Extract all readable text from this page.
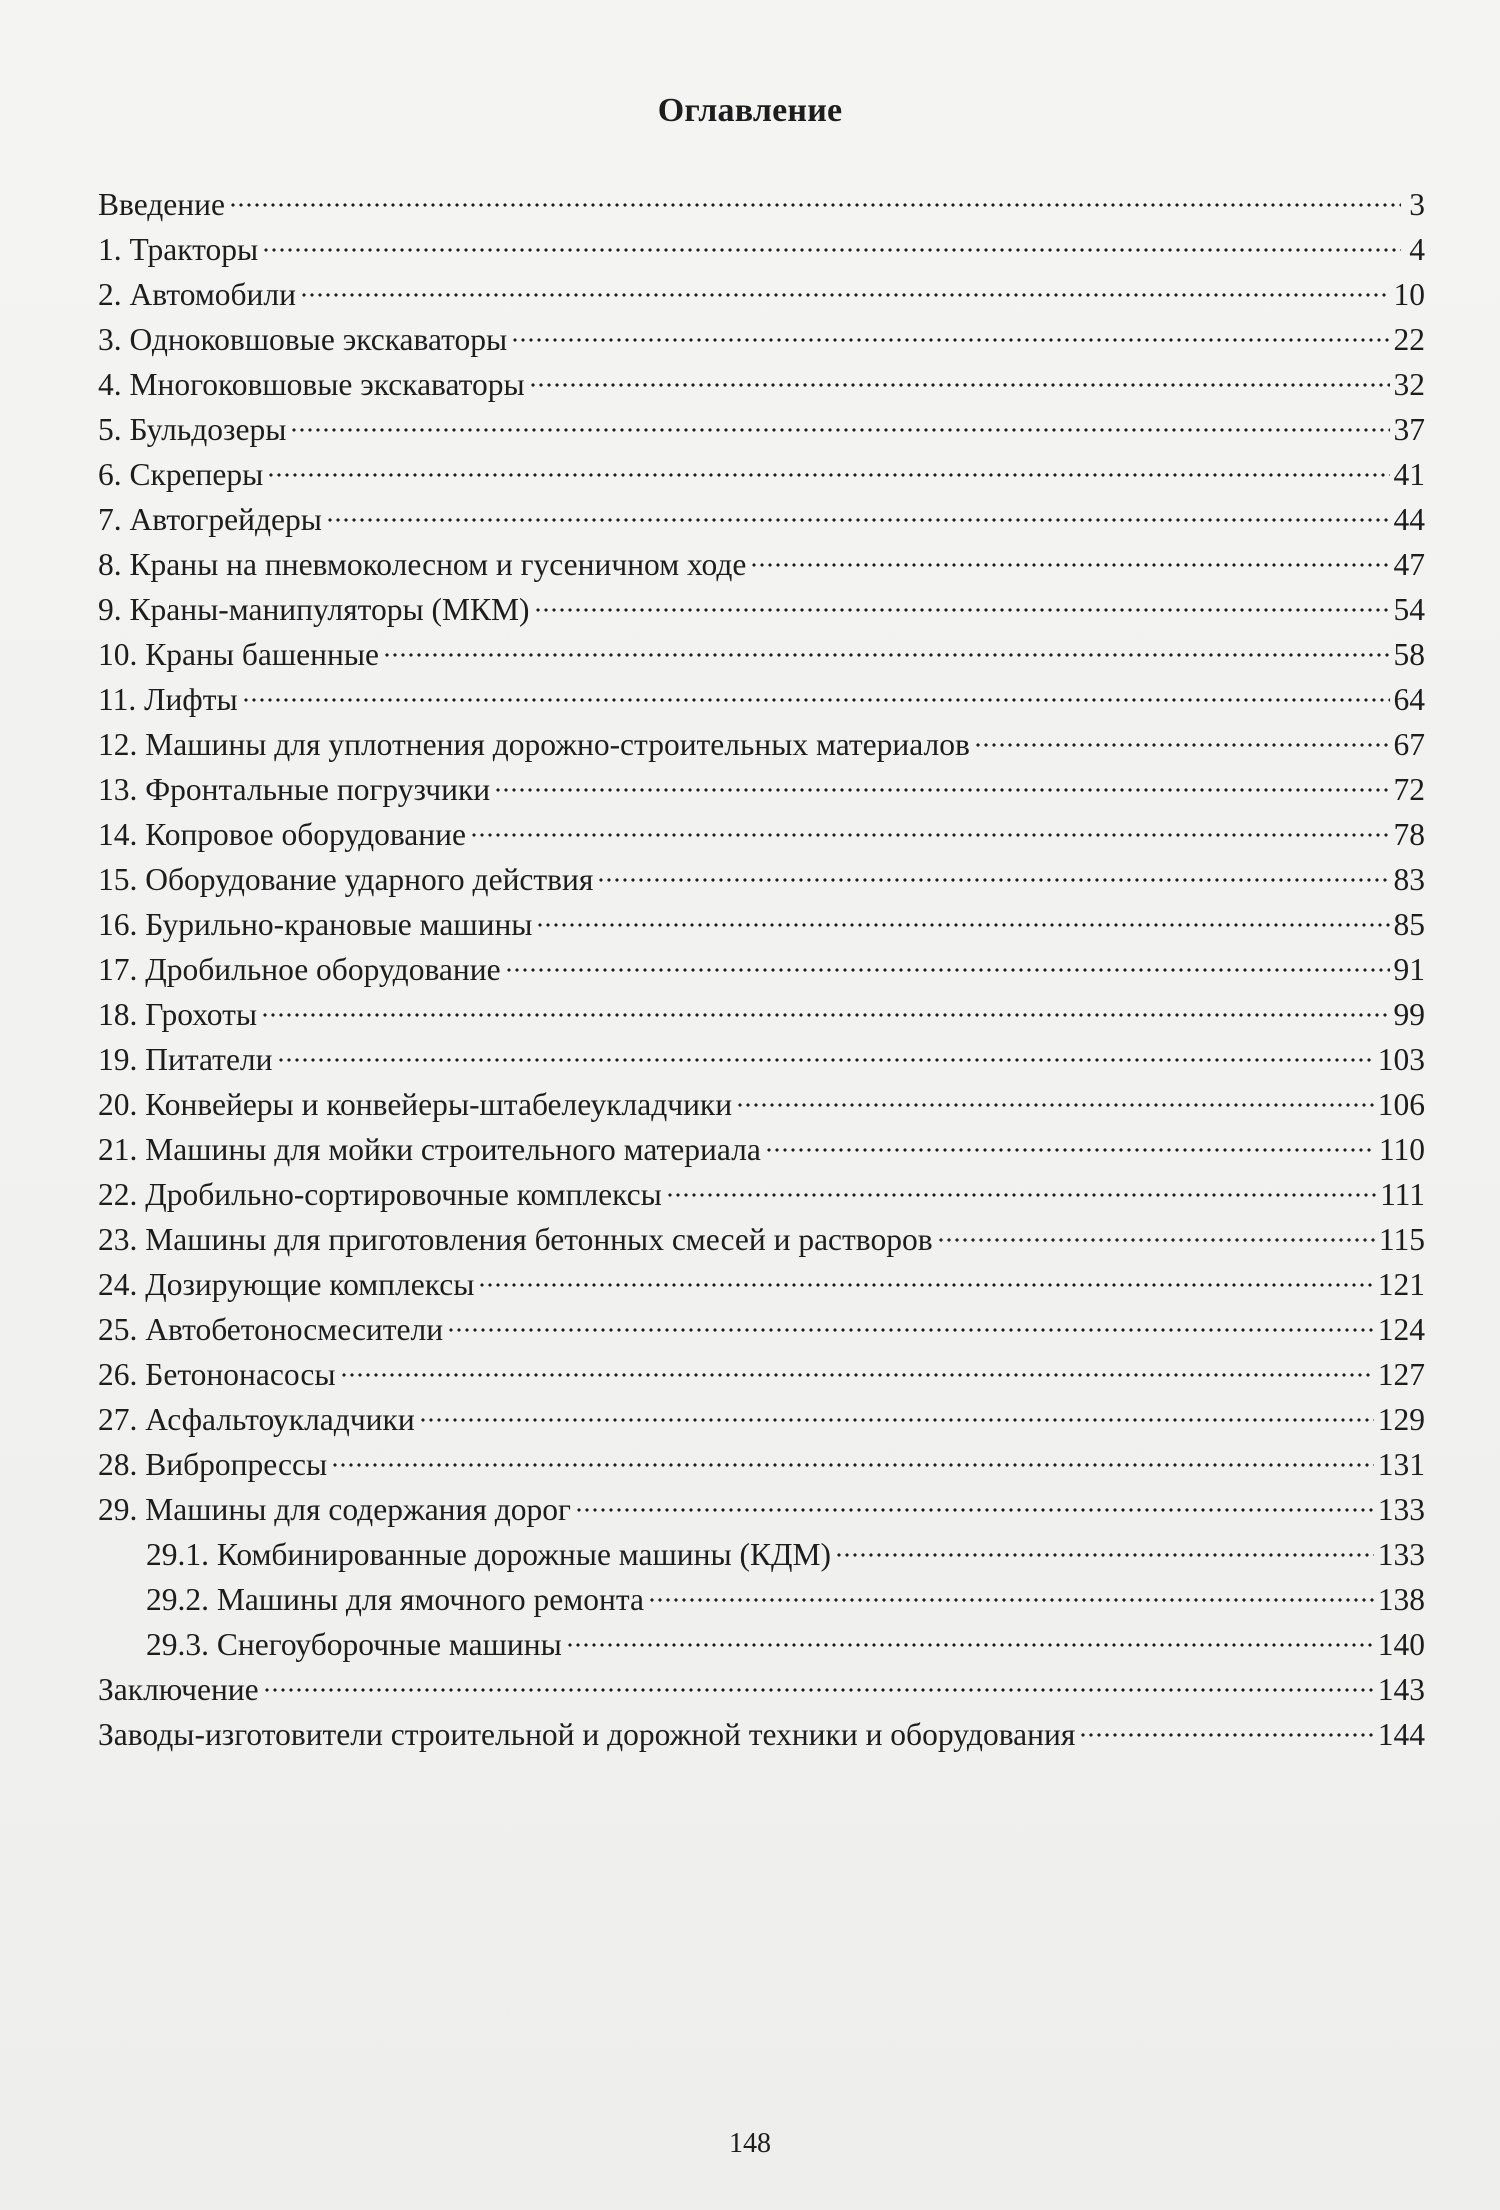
Оглавление
Введение	3
1. Тракторы	4
2. Автомобили	10
3. Одноковшовые экскаваторы	22
4. Многоковшовые экскаваторы	32
5. Бульдозеры	37
6. Скреперы	41
7. Автогрейдеры	44
8. Краны на пневмоколесном и гусеничном ходе	47
9. Краны-манипуляторы (МКМ)	54
10. Краны башенные	58
11. Лифты	64
12. Машины для уплотнения дорожно-строительных материалов	67
13. Фронтальные погрузчики	72
14. Копровое оборудование	78
15. Оборудование ударного действия	83
16. Бурильно-крановые машины	85
17. Дробильное оборудование	91
18. Грохоты	99
19. Питатели	103
20. Конвейеры и конвейеры-штабелеукладчики	106
21. Машины для мойки строительного материала	110
22. Дробильно-сортировочные комплексы	111
23. Машины для приготовления бетонных смесей и растворов	115
24. Дозирующие комплексы	121
25. Автобетоносмесители	124
26. Бетононасосы	127
27. Асфальтоукладчики	129
28. Вибропрессы	131
29. Машины для содержания дорог	133
29.1. Комбинированные дорожные машины (КДМ)	133
29.2. Машины для ямочного ремонта	138
29.3. Снегоуборочные машины	140
Заключение	143
Заводы-изготовители строительной и дорожной техники и оборудования	144
148
